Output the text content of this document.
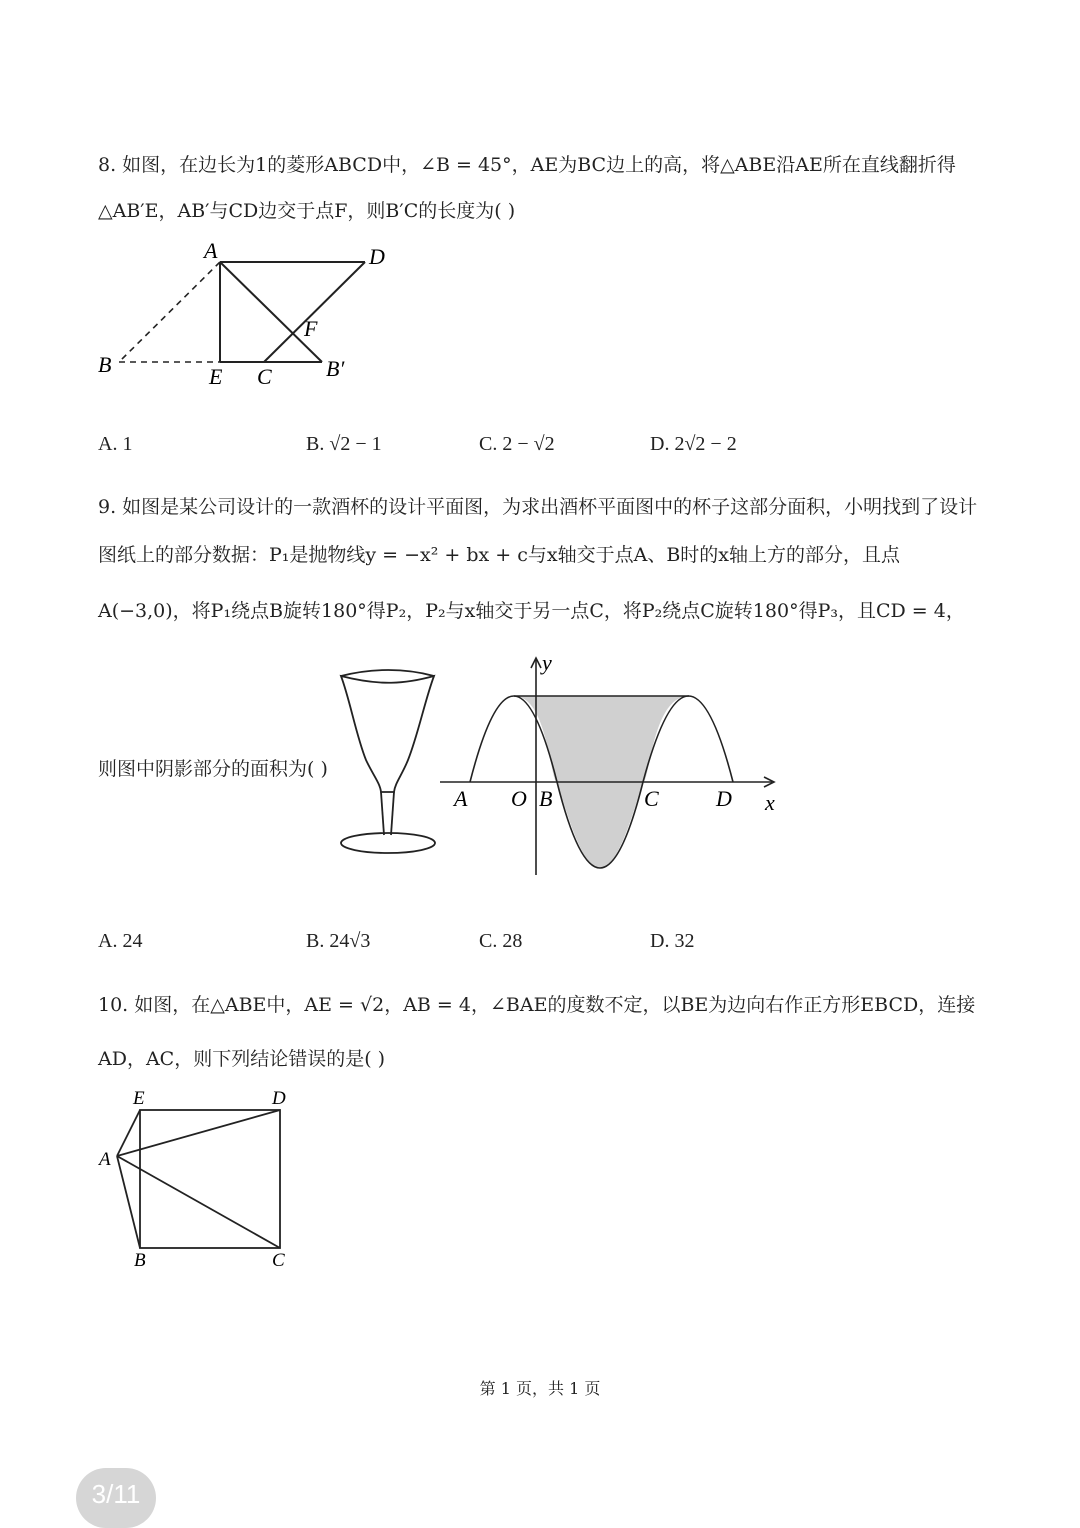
8. 如图，在边长为1的菱形ABCD中，∠B = 45°，AE为BC边上的高，将△ABE沿AE所在直线翻折得
△AB′E，AB′与CD边交于点F，则B′C的长度为( )
A	D
F
B	E C B′
A. 1	B. √2 − 1	C. 2 − √2	D. 2√2 − 2
9. 如图是某公司设计的一款酒杯的设计平面图，为求出酒杯平面图中的杯子这部分面积，小明找到了设计
图纸上的部分数据：P₁是抛物线y = −x² + bx + c与x轴交于点A、B时的x轴上方的部分，且点
A(−3,0)，将P₁绕点B旋转180°得P₂，P₂与x轴交于另一点C，将P₂绕点C旋转180°得P₃，且CD = 4，
则图中阴影部分的面积为( )
y
x
A O B	C	D
A. 24	B. 24√3	C. 28	D. 32
10. 如图，在△ABE中，AE = √2，AB = 4，∠BAE的度数不定，以BE为边向右作正方形EBCD，连接
AD，AC，则下列结论错误的是( )
E	D
A
B	C
第 1 页，共 1 页
3/11
